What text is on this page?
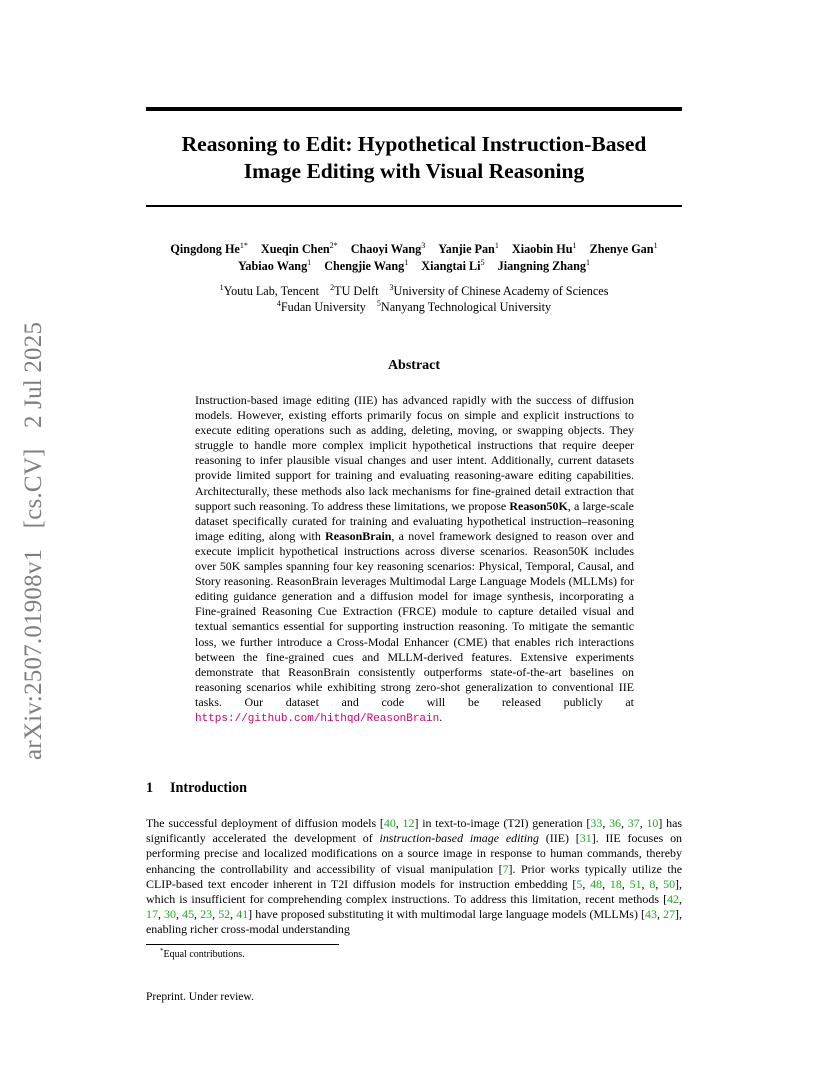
Reasoning to Edit: Hypothetical Instruction-Based
Image Editing with Visual Reasoning
Qingdong $He^{1*}$ Xueqin Chen$^{2*}$ Chaoyi Wang$^3$ Yanjie Pan$^1$ Xiaobin Hu$^1$ Zhenye Gan$^1$
Yabiao Wang$^1$ Chengjie Wang$^1$ Xiangtai Li$^5$ Jiangning Zhang$^1$
$^1$Youtu Lab, Tencent $^2$TU Delft $^3$University of Chinese Academy of Sciences
$^4$Fudan University $^5$Nanyang Technological University
Abstract
Instruction-based image editing (IIE) has advanced rapidly with the success of diffusion models. However, existing efforts primarily focus on simple and explicit instructions to execute editing operations such as adding, deleting, moving, or swapping objects. They struggle to handle more complex implicit hypothetical instructions that require deeper reasoning to infer plausible visual changes and user intent. Additionally, current datasets provide limited support for training and evaluating reasoning-aware editing capabilities. Architecturally, these methods also lack mechanisms for fine-grained detail extraction that support such reasoning. To address these limitations, we propose Reason50K, a large-scale dataset specifically curated for training and evaluating hypothetical instruction–reasoning image editing, along with ReasonBrain, a novel framework designed to reason over and execute implicit hypothetical instructions across diverse scenarios. Reason50K includes over 50K samples spanning four key reasoning scenarios: Physical, Temporal, Causal, and Story reasoning. ReasonBrain leverages Multimodal Large Language Models (MLLMs) for editing guidance generation and a diffusion model for image synthesis, incorporating a Fine-grained Reasoning Cue Extraction (FRCE) module to capture detailed visual and textual semantics essential for supporting instruction reasoning. To mitigate the semantic loss, we further introduce a Cross-Modal Enhancer (CME) that enables rich interactions between the fine-grained cues and MLLM-derived features. Extensive experiments demonstrate that ReasonBrain consistently outperforms state-of-the-art baselines on reasoning scenarios while exhibiting strong zero-shot generalization to conventional IIE tasks. Our dataset and code will be released publicly at https://github.com/hithqd/ReasonBrain.
arXiv:2507.01908v1 [cs.CV] 2 Jul 2025
1 Introduction
The successful deployment of diffusion models [40, 12] in text-to-image (T2I) generation [33, 36, 37, 10] has significantly accelerated the development of instruction-based image editing (IIE) [31]. IIE focuses on performing precise and localized modifications on a source image in response to human commands, thereby enhancing the controllability and accessibility of visual manipulation [7]. Prior works typically utilize the CLIP-based text encoder inherent in T2I diffusion models for instruction embedding [5, 48, 18, 51, 8, 50], which is insufficient for comprehending complex instructions. To address this limitation, recent methods [42, 17, 30, 45, 23, 52, 41] have proposed substituting it with multimodal large language models (MLLMs) [43, 27], enabling richer cross-modal understanding
*Equal contributions.
Preprint. Under review.
